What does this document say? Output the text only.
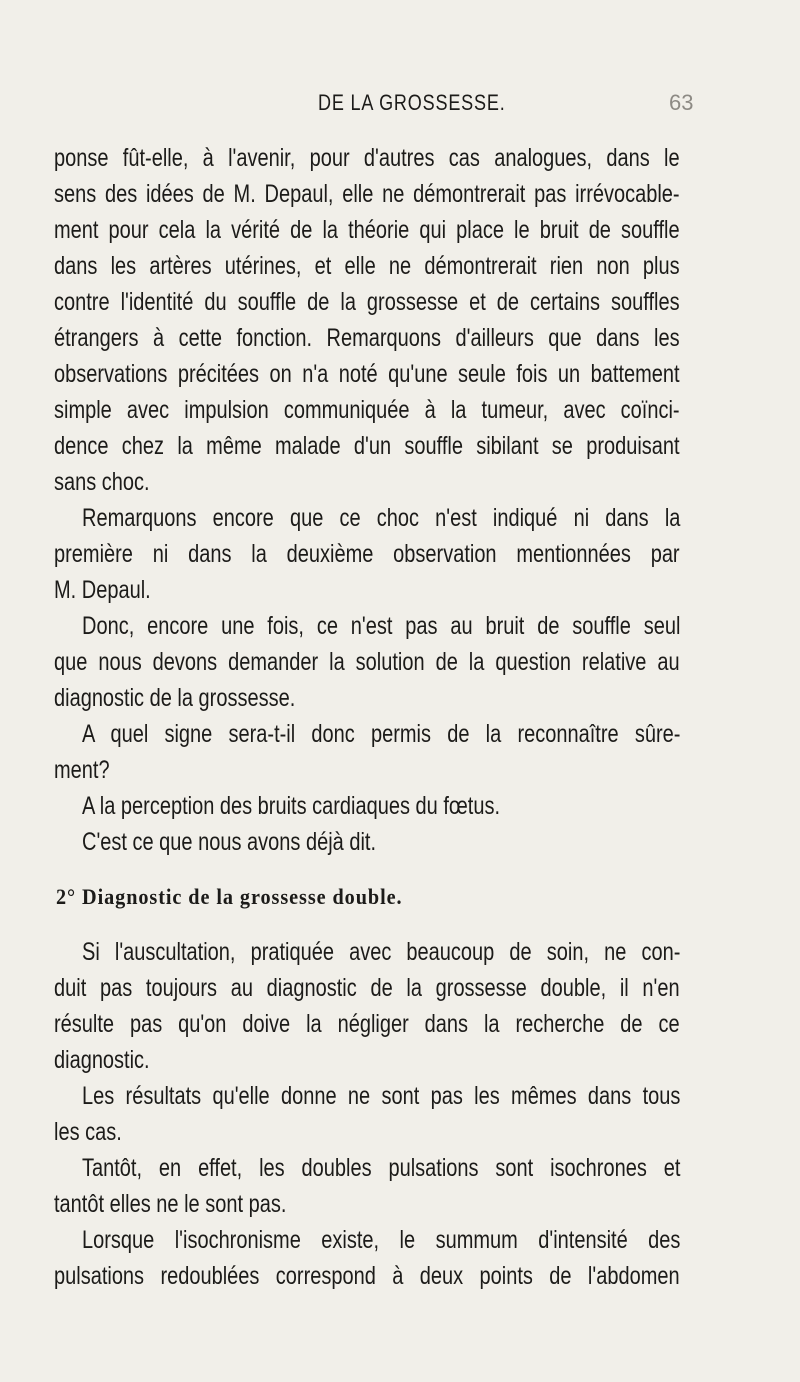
DE LA GROSSESSE.	63
ponse fût-elle, à l'avenir, pour d'autres cas analogues, dans le
sens des idées de M. Depaul, elle ne démontrerait pas irrévocable-
ment pour cela la vérité de la théorie qui place le bruit de souffle
dans les artères utérines, et elle ne démontrerait rien non plus
contre l'identité du souffle de la grossesse et de certains souffles
étrangers à cette fonction. Remarquons d'ailleurs que dans les
observations précitées on n'a noté qu'une seule fois un battement
simple avec impulsion communiquée à la tumeur, avec coïnci-
dence chez la même malade d'un souffle sibilant se produisant
sans choc.
Remarquons encore que ce choc n'est indiqué ni dans la
première ni dans la deuxième observation mentionnées par
M. Depaul.
Donc, encore une fois, ce n'est pas au bruit de souffle seul
que nous devons demander la solution de la question relative au
diagnostic de la grossesse.
A quel signe sera-t-il donc permis de la reconnaître sûre-
ment?
A la perception des bruits cardiaques du fœtus.
C'est ce que nous avons déjà dit.
2° Diagnostic de la grossesse double.
Si l'auscultation, pratiquée avec beaucoup de soin, ne con-
duit pas toujours au diagnostic de la grossesse double, il n'en
résulte pas qu'on doive la négliger dans la recherche de ce
diagnostic.
Les résultats qu'elle donne ne sont pas les mêmes dans tous
les cas.
Tantôt, en effet, les doubles pulsations sont isochrones et
tantôt elles ne le sont pas.
Lorsque l'isochronisme existe, le summum d'intensité des
pulsations redoublées correspond à deux points de l'abdomen
